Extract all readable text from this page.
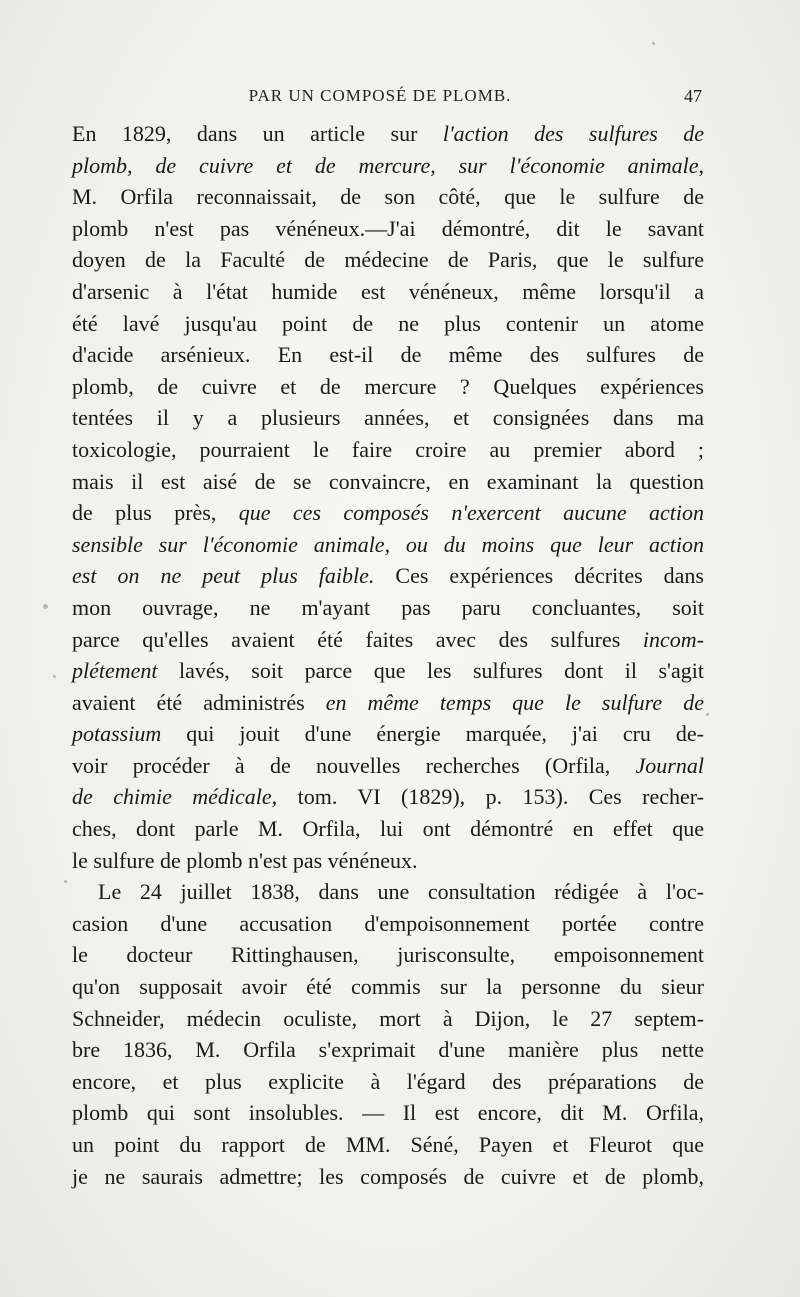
PAR UN COMPOSÉ DE PLOMB.	47
En 1829, dans un article sur l'action des sulfures de
plomb, de cuivre et de mercure, sur l'économie animale,
M. Orfila reconnaissait, de son côté, que le sulfure de
plomb n'est pas vénéneux.—J'ai démontré, dit le savant
doyen de la Faculté de médecine de Paris, que le sulfure
d'arsenic à l'état humide est vénéneux, même lorsqu'il a
été lavé jusqu'au point de ne plus contenir un atome
d'acide arsénieux. En est-il de même des sulfures de
plomb, de cuivre et de mercure ? Quelques expériences
tentées il y a plusieurs années, et consignées dans ma
toxicologie, pourraient le faire croire au premier abord ;
mais il est aisé de se convaincre, en examinant la question
de plus près, que ces composés n'exercent aucune action
sensible sur l'économie animale, ou du moins que leur action
est on ne peut plus faible. Ces expériences décrites dans
mon ouvrage, ne m'ayant pas paru concluantes, soit
parce qu'elles avaient été faites avec des sulfures incom-
plétement lavés, soit parce que les sulfures dont il s'agit
avaient été administrés en même temps que le sulfure de
potassium qui jouit d'une énergie marquée, j'ai cru de-
voir procéder à de nouvelles recherches (Orfila, Journal
de chimie médicale, tom. VI (1829), p. 153). Ces recher-
ches, dont parle M. Orfila, lui ont démontré en effet que
le sulfure de plomb n'est pas vénéneux.
Le 24 juillet 1838, dans une consultation rédigée à l'oc-
casion d'une accusation d'empoisonnement portée contre
le docteur Rittinghausen, jurisconsulte, empoisonnement
qu'on supposait avoir été commis sur la personne du sieur
Schneider, médecin oculiste, mort à Dijon, le 27 septem-
bre 1836, M. Orfila s'exprimait d'une manière plus nette
encore, et plus explicite à l'égard des préparations de
plomb qui sont insolubles. — Il est encore, dit M. Orfila,
un point du rapport de MM. Séné, Payen et Fleurot que
je ne saurais admettre; les composés de cuivre et de plomb,
